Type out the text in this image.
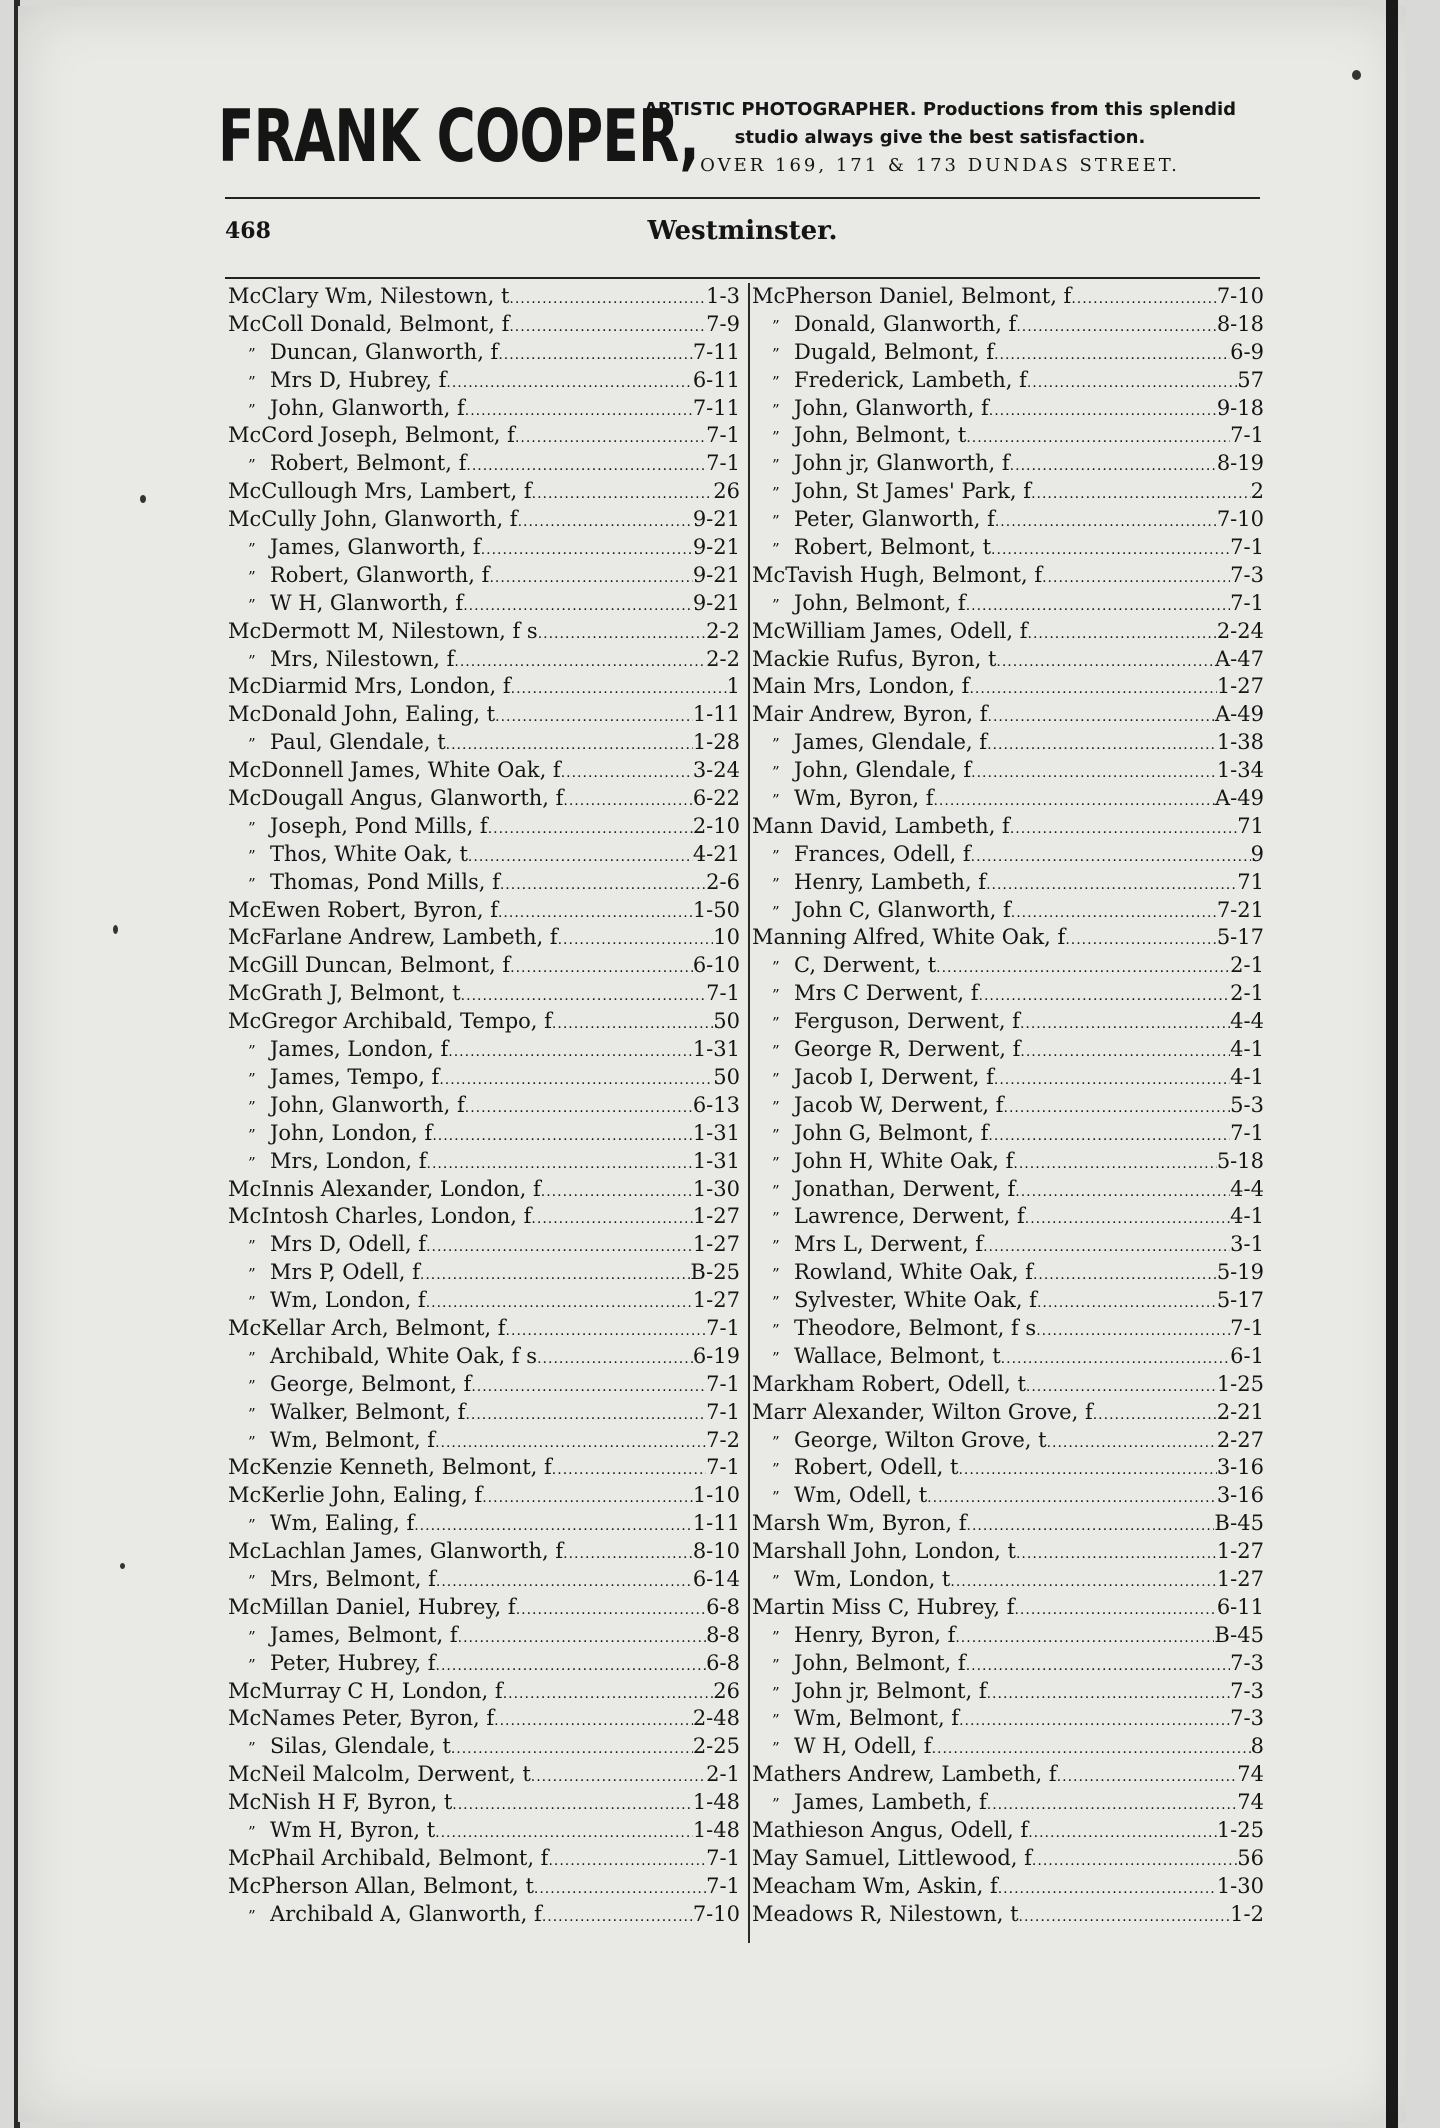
FRANK COOPER,
ARTISTIC PHOTOGRAPHER. Productions from this splendid
studio always give the best satisfaction.
OVER 169, 171 & 173 DUNDAS STREET.
468	Westminster.
McClary Wm, Nilestown, t .....	1-3
McColl Donald, Belmont, f .....	7-9
” Duncan, Glanworth, f .....	7-11
” Mrs D, Hubrey, f .....	6-11
” John, Glanworth, f .....	7-11
McCord Joseph, Belmont, f .....	7-1
” Robert, Belmont, f .....	7-1
McCullough Mrs, Lambert, f .....	26
McCully John, Glanworth, f .....	9-21
” James, Glanworth, f .....	9-21
” Robert, Glanworth, f .....	9-21
” W H, Glanworth, f .....	9-21
McDermott M, Nilestown, f s .....	2-2
” Mrs, Nilestown, f .....	2-2
McDiarmid Mrs, London, f .....	1
McDonald John, Ealing, t .....	1-11
” Paul, Glendale, t .....	1-28
McDonnell James, White Oak, f .....	3-24
McDougall Angus, Glanworth, f .....	6-22
” Joseph, Pond Mills, f .....	2-10
” Thos, White Oak, t .....	4-21
” Thomas, Pond Mills, f .....	2-6
McEwen Robert, Byron, f .....	1-50
McFarlane Andrew, Lambeth, f .....	10
McGill Duncan, Belmont, f .....	6-10
McGrath J, Belmont, t .....	7-1
McGregor Archibald, Tempo, f .....	50
” James, London, f .....	1-31
” James, Tempo, f .....	50
” John, Glanworth, f .....	6-13
” John, London, f .....	1-31
” Mrs, London, f .....	1-31
McInnis Alexander, London, f .....	1-30
McIntosh Charles, London, f .....	1-27
” Mrs D, Odell, f .....	1-27
” Mrs P, Odell, f .....	B-25
” Wm, London, f .....	1-27
McKellar Arch, Belmont, f .....	7-1
” Archibald, White Oak, f s .....	6-19
” George, Belmont, f .....	7-1
” Walker, Belmont, f .....	7-1
” Wm, Belmont, f .....	7-2
McKenzie Kenneth, Belmont, f .....	7-1
McKerlie John, Ealing, f .....	1-10
” Wm, Ealing, f .....	1-11
McLachlan James, Glanworth, f .....	8-10
” Mrs, Belmont, f .....	6-14
McMillan Daniel, Hubrey, f .....	6-8
” James, Belmont, f .....	8-8
” Peter, Hubrey, f .....	6-8
McMurray C H, London, f .....	26
McNames Peter, Byron, f .....	2-48
” Silas, Glendale, t .....	2-25
McNeil Malcolm, Derwent, t .....	2-1
McNish H F, Byron, t .....	1-48
” Wm H, Byron, t .....	1-48
McPhail Archibald, Belmont, f .....	7-1
McPherson Allan, Belmont, t .....	7-1
” Archibald A, Glanworth, f .....	7-10
McPherson Daniel, Belmont, f .....	7-10
” Donald, Glanworth, f .....	8-18
” Dugald, Belmont, f .....	6-9
” Frederick, Lambeth, f .....	57
” John, Glanworth, f .....	9-18
” John, Belmont, t .....	7-1
” John jr, Glanworth, f .....	8-19
” John, St James' Park, f .....	2
” Peter, Glanworth, f .....	7-10
” Robert, Belmont, t .....	7-1
McTavish Hugh, Belmont, f .....	7-3
” John, Belmont, f .....	7-1
McWilliam James, Odell, f .....	2-24
Mackie Rufus, Byron, t .....	A-47
Main Mrs, London, f .....	1-27
Mair Andrew, Byron, f .....	A-49
” James, Glendale, f .....	1-38
” John, Glendale, f .....	1-34
” Wm, Byron, f .....	A-49
Mann David, Lambeth, f .....	71
” Frances, Odell, f .....	9
” Henry, Lambeth, f .....	71
” John C, Glanworth, f .....	7-21
Manning Alfred, White Oak, f .....	5-17
” C, Derwent, t .....	2-1
” Mrs C Derwent, f .....	2-1
” Ferguson, Derwent, f .....	4-4
” George R, Derwent, f .....	4-1
” Jacob I, Derwent, f .....	4-1
” Jacob W, Derwent, f .....	5-3
” John G, Belmont, f .....	7-1
” John H, White Oak, f .....	5-18
” Jonathan, Derwent, f .....	4-4
” Lawrence, Derwent, f .....	4-1
” Mrs L, Derwent, f .....	3-1
” Rowland, White Oak, f .....	5-19
” Sylvester, White Oak, f .....	5-17
” Theodore, Belmont, f s .....	7-1
” Wallace, Belmont, t .....	6-1
Markham Robert, Odell, t .....	1-25
Marr Alexander, Wilton Grove, f .....	2-21
” George, Wilton Grove, t .....	2-27
” Robert, Odell, t .....	3-16
” Wm, Odell, t .....	3-16
Marsh Wm, Byron, f .....	B-45
Marshall John, London, t .....	1-27
” Wm, London, t .....	1-27
Martin Miss C, Hubrey, f .....	6-11
” Henry, Byron, f .....	B-45
” John, Belmont, f .....	7-3
” John jr, Belmont, f .....	7-3
” Wm, Belmont, f .....	7-3
” W H, Odell, f .....	8
Mathers Andrew, Lambeth, f .....	74
” James, Lambeth, f .....	74
Mathieson Angus, Odell, f .....	1-25
May Samuel, Littlewood, f .....	56
Meacham Wm, Askin, f .....	1-30
Meadows R, Nilestown, t .....	1-2
